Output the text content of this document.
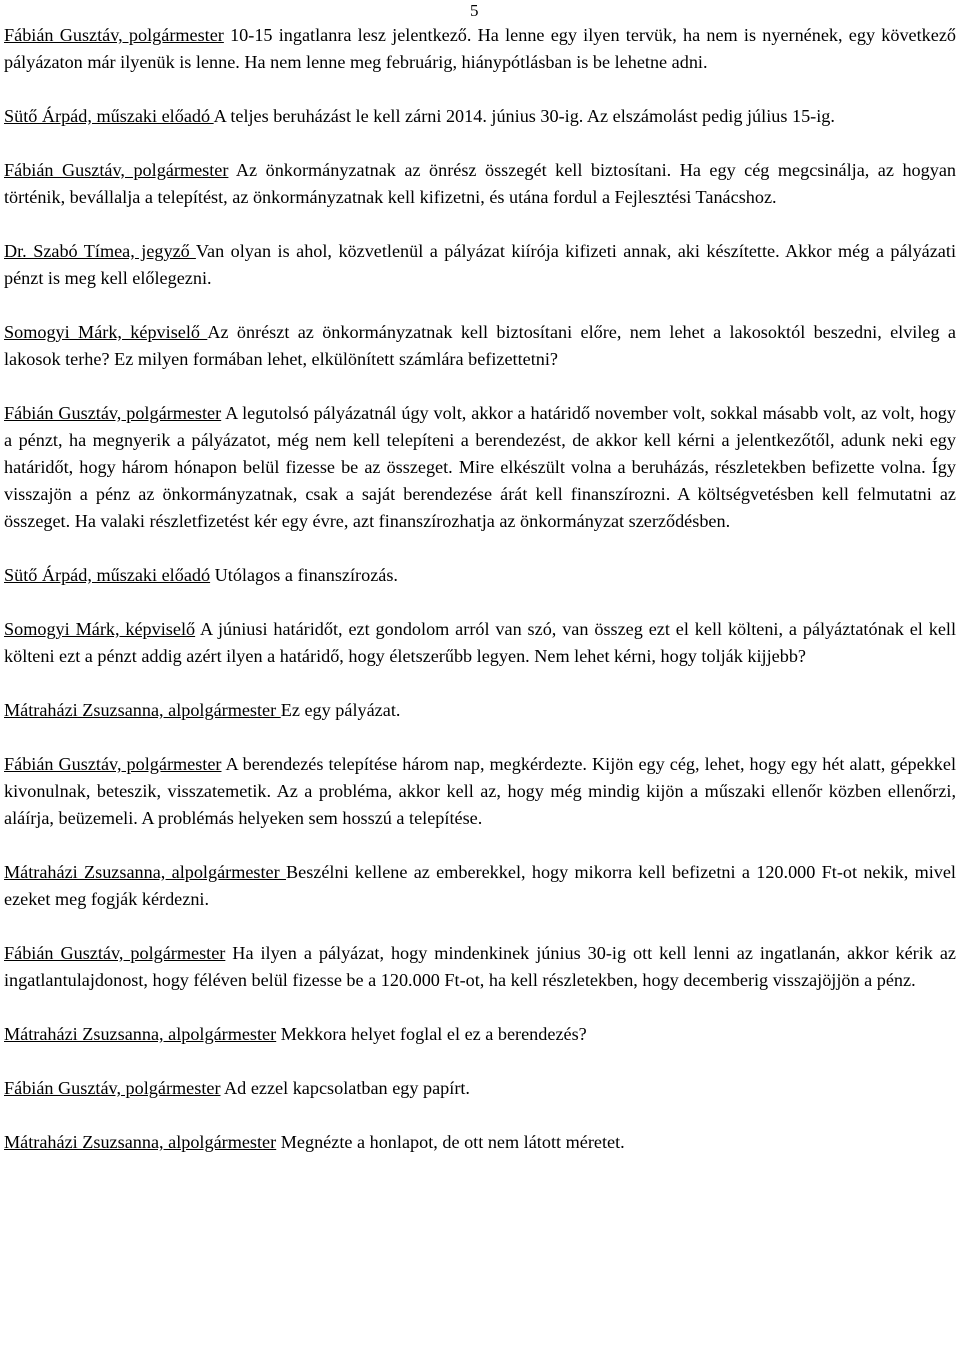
5

Fábián Gusztáv, polgármester 10-15 ingatlanra lesz jelentkező. Ha lenne egy ilyen tervük, ha nem is nyernének, egy következő pályázaton már ilyenük is lenne. Ha nem lenne meg februárig, hiánypótlásban is be lehetne adni.

Sütő Árpád, műszaki előadó A teljes beruházást le kell zárni 2014. június 30-ig. Az elszámolást pedig július 15-ig.

Fábián Gusztáv, polgármester Az önkormányzatnak az önrész összegét kell biztosítani. Ha egy cég megcsinálja, az hogyan történik, bevállalja a telepítést, az önkormányzatnak kell kifizetni, és utána fordul a Fejlesztési Tanácshoz.

Dr. Szabó Tímea, jegyző Van olyan is ahol, közvetlenül a pályázat kiírója kifizeti annak, aki készítette. Akkor még a pályázati pénzt is meg kell előlegezni.

Somogyi Márk, képviselő Az önrészt az önkormányzatnak kell biztosítani előre, nem lehet a lakosoktól beszedni, elvileg a lakosok terhe? Ez milyen formában lehet, elkülönített számlára befizettetni?

Fábián Gusztáv, polgármester A legutolsó pályázatnál úgy volt, akkor a határidő november volt, sokkal másabb volt, az volt, hogy a pénzt, ha megnyerik a pályázatot, még nem kell telepíteni a berendezést, de akkor kell kérni a jelentkezőtől, adunk neki egy határidőt, hogy három hónapon belül fizesse be az összeget. Mire elkészült volna a beruházás, részletekben befizette volna. Így visszajön a pénz az önkormányzatnak, csak a saját berendezése árát kell finanszírozni. A költségvetésben kell felmutatni az összeget. Ha valaki részletfizetést kér egy évre, azt finanszírozhatja az önkormányzat szerződésben.

Sütő Árpád, műszaki előadó Utólagos a finanszírozás.

Somogyi Márk, képviselő A júniusi határidőt, ezt gondolom arról van szó, van összeg ezt el kell költeni, a pályáztatónak el kell költeni ezt a pénzt addig azért ilyen a határidő, hogy életszerűbb legyen. Nem lehet kérni, hogy tolják kijjebb?

Mátraházi Zsuzsanna, alpolgármester Ez egy pályázat.

Fábián Gusztáv, polgármester A berendezés telepítése három nap, megkérdezte. Kijön egy cég, lehet, hogy egy hét alatt, gépekkel kivonulnak, beteszik, visszatemetik. Az a probléma, akkor kell az, hogy még mindig kijön a műszaki ellenőr közben ellenőrzi, aláírja, beüzemeli. A problémás helyeken sem hosszú a telepítése.

Mátraházi Zsuzsanna, alpolgármester Beszélni kellene az emberekkel, hogy mikorra kell befizetni a 120.000 Ft-ot nekik, mivel ezeket meg fogják kérdezni.

Fábián Gusztáv, polgármester Ha ilyen a pályázat, hogy mindenkinek június 30-ig ott kell lenni az ingatlanán, akkor kérik az ingatlantulajdonost, hogy féléven belül fizesse be a 120.000 Ft-ot, ha kell részletekben, hogy decemberig visszajöjjön a pénz.

Mátraházi Zsuzsanna, alpolgármester Mekkora helyet foglal el ez a berendezés?

Fábián Gusztáv, polgármester Ad ezzel kapcsolatban egy papírt.

Mátraházi Zsuzsanna, alpolgármester Megnézte a honlapot, de ott nem látott méretet.
